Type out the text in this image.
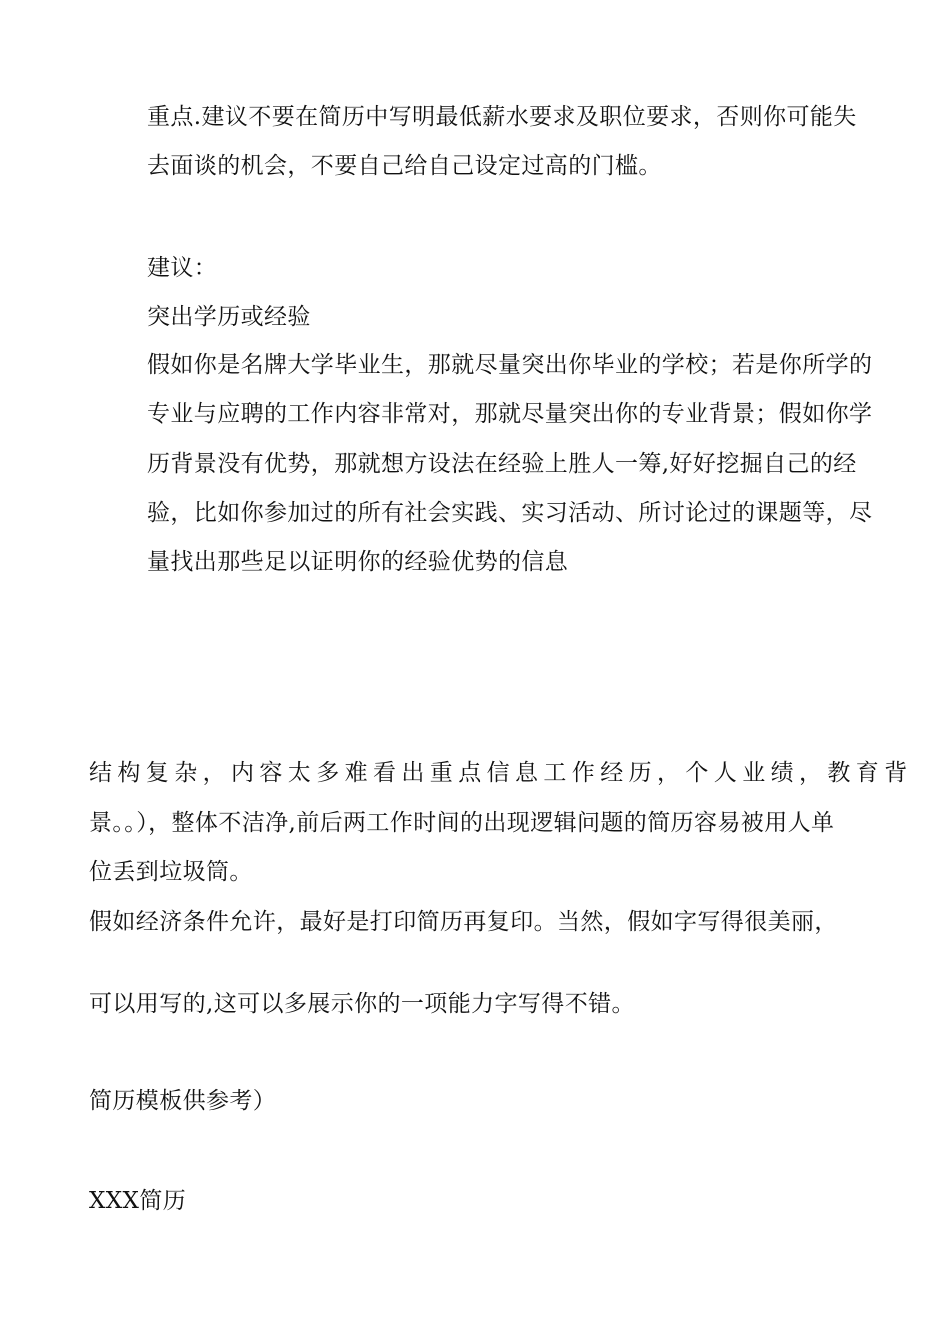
重点.建议不要在简历中写明最低薪水要求及职位要求，否则你可能失
去面谈的机会，不要自己给自己设定过高的门槛。
建议：
突出学历或经验
假如你是名牌大学毕业生，那就尽量突出你毕业的学校；若是你所学的
专业与应聘的工作内容非常对，那就尽量突出你的专业背景；假如你学
历背景没有优势，那就想方设法在经验上胜人一筹,好好挖掘自己的经
验，比如你参加过的所有社会实践、实习活动、所讨论过的课题等，尽
量找出那些足以证明你的经验优势的信息
结构复杂，内容太多难看出重点信息工作经历，个人业绩，教育背
景。。），整体不洁净,前后两工作时间的出现逻辑问题的简历容易被用人单
位丢到垃圾筒。
假如经济条件允许，最好是打印简历再复印。当然，假如字写得很美丽，
可以用写的,这可以多展示你的一项能力字写得不错。
简历模板供参考）
XXX简历
